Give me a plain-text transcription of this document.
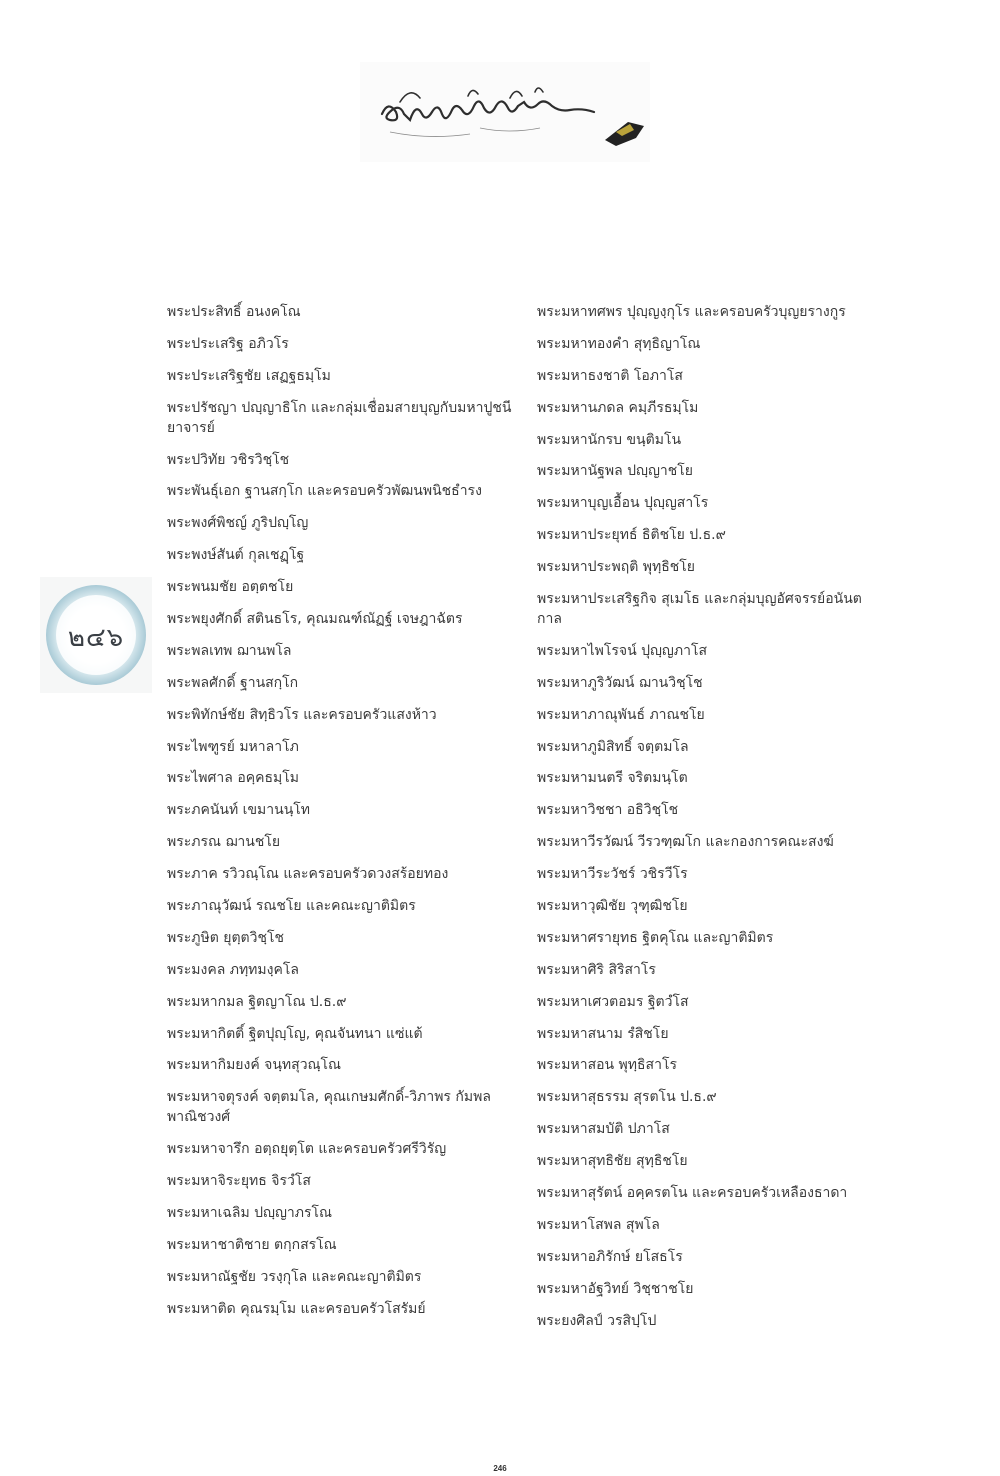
๒๔๖
พระประสิทธิ์ อนงคโณ
พระประเสริฐ อภิวโร
พระประเสริฐชัย เสฏฐธมฺโม
พระปรัชญา ปญฺญาธิโก และกลุ่มเชื่อมสายบุญกับมหาปูชนียาจารย์
พระปวิทัย วชิรวิชฺโช
พระพันธุ์เอก ฐานสกฺโก และครอบครัวพัฒนพนิชธำรง
พระพงศ์พิชญ์ ภูริปญฺโญ
พระพงษ์สันต์ กุลเชฏฺโฐ
พระพนมชัย อตฺตชโย
พระพยุงศักดิ์ สตินธโร, คุณมณฑ์ณัฏฐ์ เจษฎาฉัตร
พระพลเทพ ฌานพโล
พระพลศักดิ์ ฐานสกฺโก
พระพิทักษ์ชัย สิทฺธิวโร และครอบครัวแสงห้าว
พระไพฑูรย์ มหาลาโภ
พระไพศาล อคฺคธมฺโม
พระภคนันท์ เขมานนฺโท
พระภรณ ฌานชโย
พระภาค รวิวณฺโณ และครอบครัวดวงสร้อยทอง
พระภาณุวัฒน์ รณชโย และคณะญาติมิตร
พระภูษิต ยุตฺตวิชฺโช
พระมงคล ภทฺทมงฺคโล
พระมหากมล ฐิตญาโณ ป.ธ.๙
พระมหากิตติ์ ฐิตปุญฺโญ, คุณจันทนา แซ่แต้
พระมหากิมยงค์ จนฺทสุวณฺโณ
พระมหาจตุรงค์ จตฺตมโล, คุณเกษมศักดิ์-วิภาพร กัมพลพาณิชวงศ์
พระมหาจารึก อตฺถยุตฺโต และครอบครัวศรีวิรัญ
พระมหาจิระยุทธ จิรวํโส
พระมหาเฉลิม ปญฺญาภรโณ
พระมหาชาติชาย ตกฺกสรโณ
พระมหาณัฐชัย วรงฺกุโล และคณะญาติมิตร
พระมหาติด คุณรมฺโม และครอบครัวโสรัมย์
พระมหาทศพร ปุญฺญงฺกุโร และครอบครัวบุญยรางกูร
พระมหาทองคำ สุทฺธิญาโณ
พระมหาธงชาติ โอภาโส
พระมหานภดล คมฺภีรธมฺโม
พระมหานักรบ ขนฺติมโน
พระมหานัฐพล ปญฺญาชโย
พระมหาบุญเอื้อน ปุญฺญสาโร
พระมหาประยุทธ์ ธิติชโย ป.ธ.๙
พระมหาประพฤติ พุทฺธิชโย
พระมหาประเสริฐกิจ สุเมโธ และกลุ่มบุญอัศจรรย์อนันตกาล
พระมหาไพโรจน์ ปุญฺญภาโส
พระมหาภูริวัฒน์ ฌานวิชฺโช
พระมหาภาณุพันธ์ ภาณชโย
พระมหาภูมิสิทธิ์ จตฺตมโล
พระมหามนตรี จริตมนฺโต
พระมหาวิชชา อธิวิชฺโช
พระมหาวีรวัฒน์ วีรวฑฺฒโก และกองการคณะสงฆ์
พระมหาวีระวัชร์ วชิรวีโร
พระมหาวุฒิชัย วุฑฺฒิชโย
พระมหาศรายุทธ ฐิตคุโณ และญาติมิตร
พระมหาศิริ สิริสาโร
พระมหาเศวตอมร ฐิตวํโส
พระมหาสนาม รํสิชโย
พระมหาสอน พุทฺธิสาโร
พระมหาสุธรรม สุรตโน ป.ธ.๙
พระมหาสมบัติ ปภาโส
พระมหาสุทธิชัย สุทฺธิชโย
พระมหาสุรัตน์ อคฺครตโน และครอบครัวเหลืองธาดา
พระมหาโสพล สุพโล
พระมหาอภิรักษ์ ยโสธโร
พระมหาอัฐวิทย์ วิชฺชาชโย
พระยงศิลป์ วรสิปฺโป
246
